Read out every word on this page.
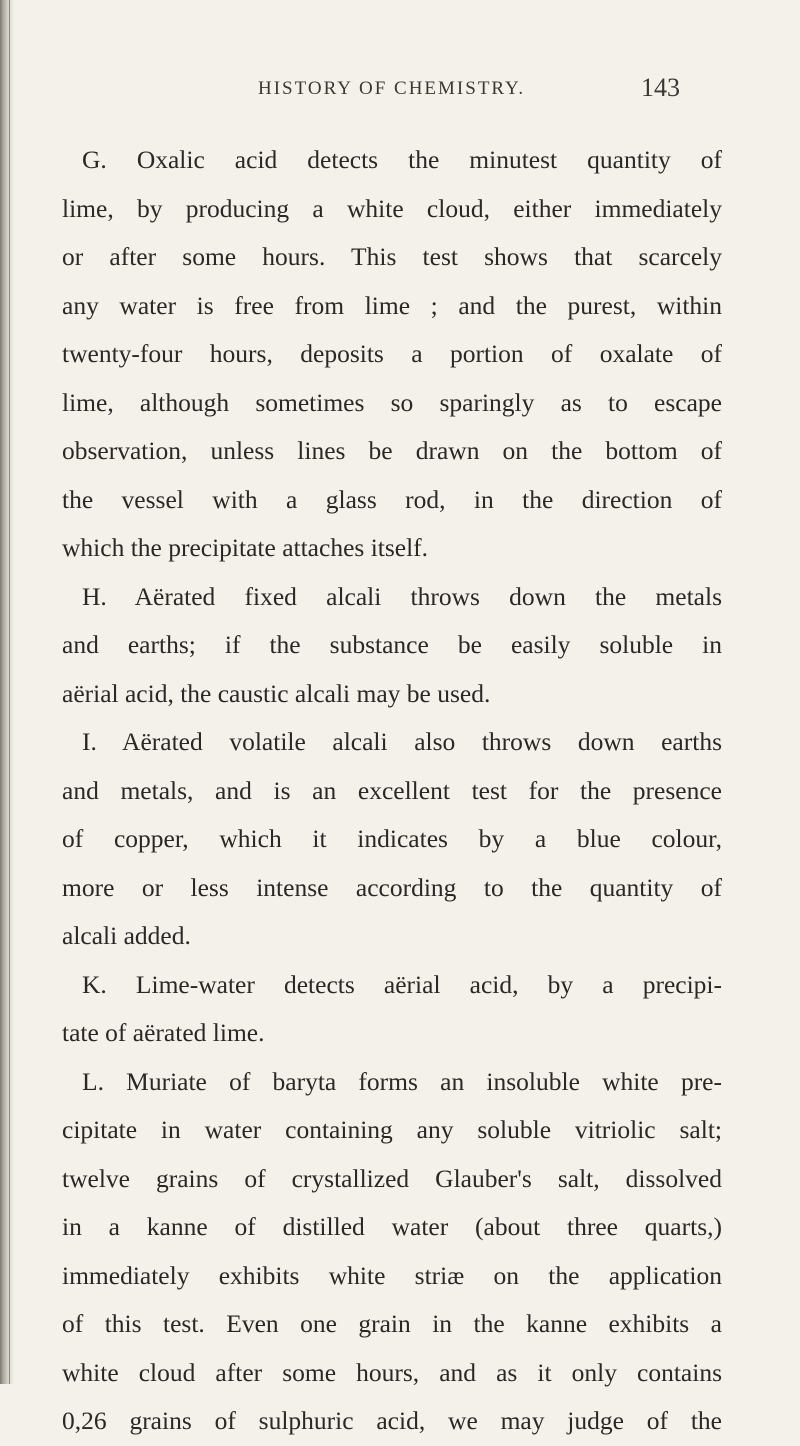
HISTORY OF CHEMISTRY.	143
G. Oxalic acid detects the minutest quantity of
lime, by producing a white cloud, either immediately
or after some hours. This test shows that scarcely
any water is free from lime ; and the purest, within
twenty-four hours, deposits a portion of oxalate of
lime, although sometimes so sparingly as to escape
observation, unless lines be drawn on the bottom of
the vessel with a glass rod, in the direction of
which the precipitate attaches itself.
H. Aërated fixed alcali throws down the metals
and earths; if the substance be easily soluble in
aërial acid, the caustic alcali may be used.
I. Aërated volatile alcali also throws down earths
and metals, and is an excellent test for the presence
of copper, which it indicates by a blue colour,
more or less intense according to the quantity of
alcali added.
K. Lime-water detects aërial acid, by a precipi-
tate of aërated lime.
L. Muriate of baryta forms an insoluble white pre-
cipitate in water containing any soluble vitriolic salt;
twelve grains of crystallized Glauber's salt, dissolved
in a kanne of distilled water (about three quarts,)
immediately exhibits white striæ on the application
of this test. Even one grain in the kanne exhibits a
white cloud after some hours, and as it only contains
0,26 grains of sulphuric acid, we may judge of the
